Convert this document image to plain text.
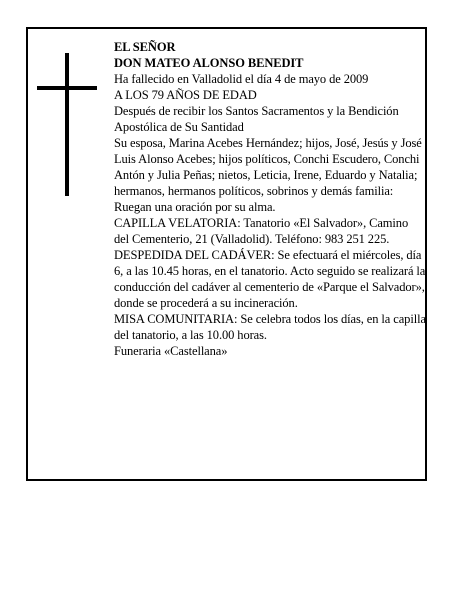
EL SEÑOR

DON MATEO ALONSO BENEDIT

Ha fallecido en Valladolid el día 4 de mayo de 2009

A LOS 79 AÑOS DE EDAD

Después de recibir los Santos Sacramentos y la Bendición Apostólica de Su Santidad

Su esposa, Marina Acebes Hernández; hijos, José, Jesús y José Luis Alonso Acebes; hijos políticos, Conchi Escudero, Conchi Antón y Julia Peñas; nietos, Leticia, Irene, Eduardo y Natalia; hermanos, hermanos políticos, sobrinos y demás familia:

Ruegan una oración por su alma.

CAPILLA VELATORIA: Tanatorio «El Salvador», Camino del Cementerio, 21 (Valladolid). Teléfono: 983 251 225.

DESPEDIDA DEL CADÁVER: Se efectuará el miércoles, día 6, a las 10.45 horas, en el tanatorio. Acto seguido se realizará la conducción del cadáver al cementerio de «Parque el Salvador», donde se procederá a su incineración.

MISA COMUNITARIA: Se celebra todos los días, en la capilla del tanatorio, a las 10.00 horas.

Funeraria «Castellana»
